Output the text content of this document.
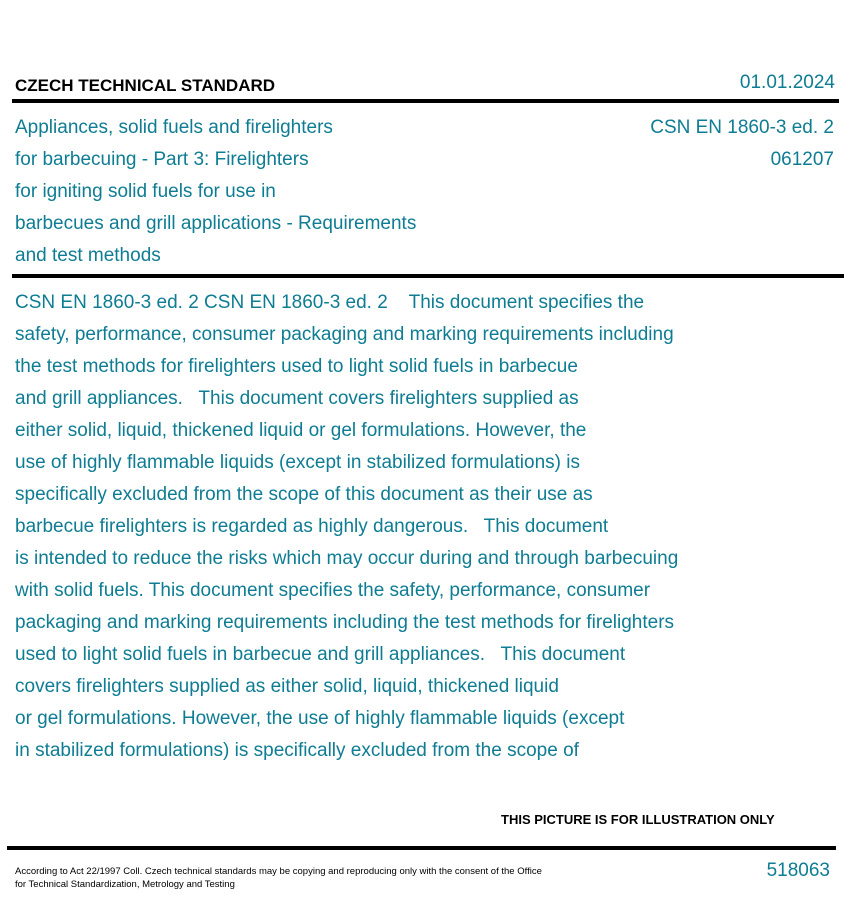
CZECH TECHNICAL STANDARD	01.01.2024
Appliances, solid fuels and firelighters
for barbecuing - Part 3: Firelighters
for igniting solid fuels for use in
barbecues and grill applications - Requirements
and test methods
CSN EN 1860-3 ed. 2
061207
CSN EN 1860-3 ed. 2 CSN EN 1860-3 ed. 2    This document specifies the
safety, performance, consumer packaging and marking requirements including
the test methods for firelighters used to light solid fuels in barbecue
and grill appliances.   This document covers firelighters supplied as
either solid, liquid, thickened liquid or gel formulations. However, the
use of highly flammable liquids (except in stabilized formulations) is
specifically excluded from the scope of this document as their use as
barbecue firelighters is regarded as highly dangerous.   This document
is intended to reduce the risks which may occur during and through barbecuing
with solid fuels. This document specifies the safety, performance, consumer
packaging and marking requirements including the test methods for firelighters
used to light solid fuels in barbecue and grill appliances.   This document
covers firelighters supplied as either solid, liquid, thickened liquid
or gel formulations. However, the use of highly flammable liquids (except
in stabilized formulations) is specifically excluded from the scope of
THIS PICTURE IS FOR ILLUSTRATION ONLY
According to Act 22/1997 Coll. Czech technical standards may be copying and reproducing only with the consent of the Office
for Technical Standardization, Metrology and Testing
518063
